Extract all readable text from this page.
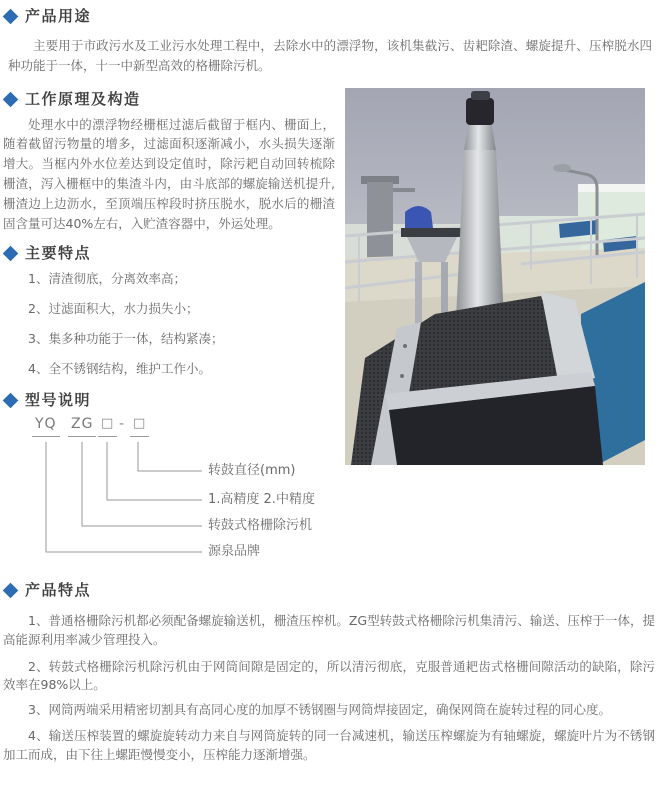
产品用途

主要用于市政污水及工业污水处理工程中，去除水中的漂浮物，该机集截污、齿耙除渣、螺旋提升、压榨脱水四种功能于一体，十一中新型高效的格栅除污机。

工作原理及构造

处理水中的漂浮物经栅框过滤后截留于框内、栅面上，随着截留污物量的增多，过滤面积逐渐减小，水头损失逐渐增大。当框内外水位差达到设定值时，除污耙自动回转梳除栅渣，泻入栅框中的集渣斗内，由斗底部的螺旋输送机提升,栅渣边上边沥水，至顶端压榨段时挤压脱水，脱水后的栅渣固含量可达40%左右，入贮渣容器中，外运处理。

主要特点
1、清渣彻底，分离效率高；
2、过滤面积大，水力损失小；
3、集多种功能于一体，结构紧凑；
4、全不锈钢结构，维护工作小。
型号说明
YQ ZG □ - □
转鼓直径(mm)
1.高精度 2.中精度
转鼓式格栅除污机
源泉品牌
产品特点

1、普通格栅除污机都必须配备螺旋输送机，栅渣压榨机。ZG型转鼓式格栅除污机集清污、输送、压榨于一体，提高能源利用率减少管理投入。

2、转鼓式格栅除污机除污机由于网筒间隙是固定的，所以清污彻底，克服普通耙齿式格栅间隙活动的缺陷，除污效率在98%以上。

3、网筒两端采用精密切割具有高同心度的加厚不锈钢圈与网筒焊接固定，确保网筒在旋转过程的同心度。

4、输送压榨装置的螺旋旋转动力来自与网筒旋转的同一台减速机，输送压榨螺旋为有轴螺旋，螺旋叶片为不锈钢加工而成，由下往上螺距慢慢变小，压榨能力逐渐增强。
